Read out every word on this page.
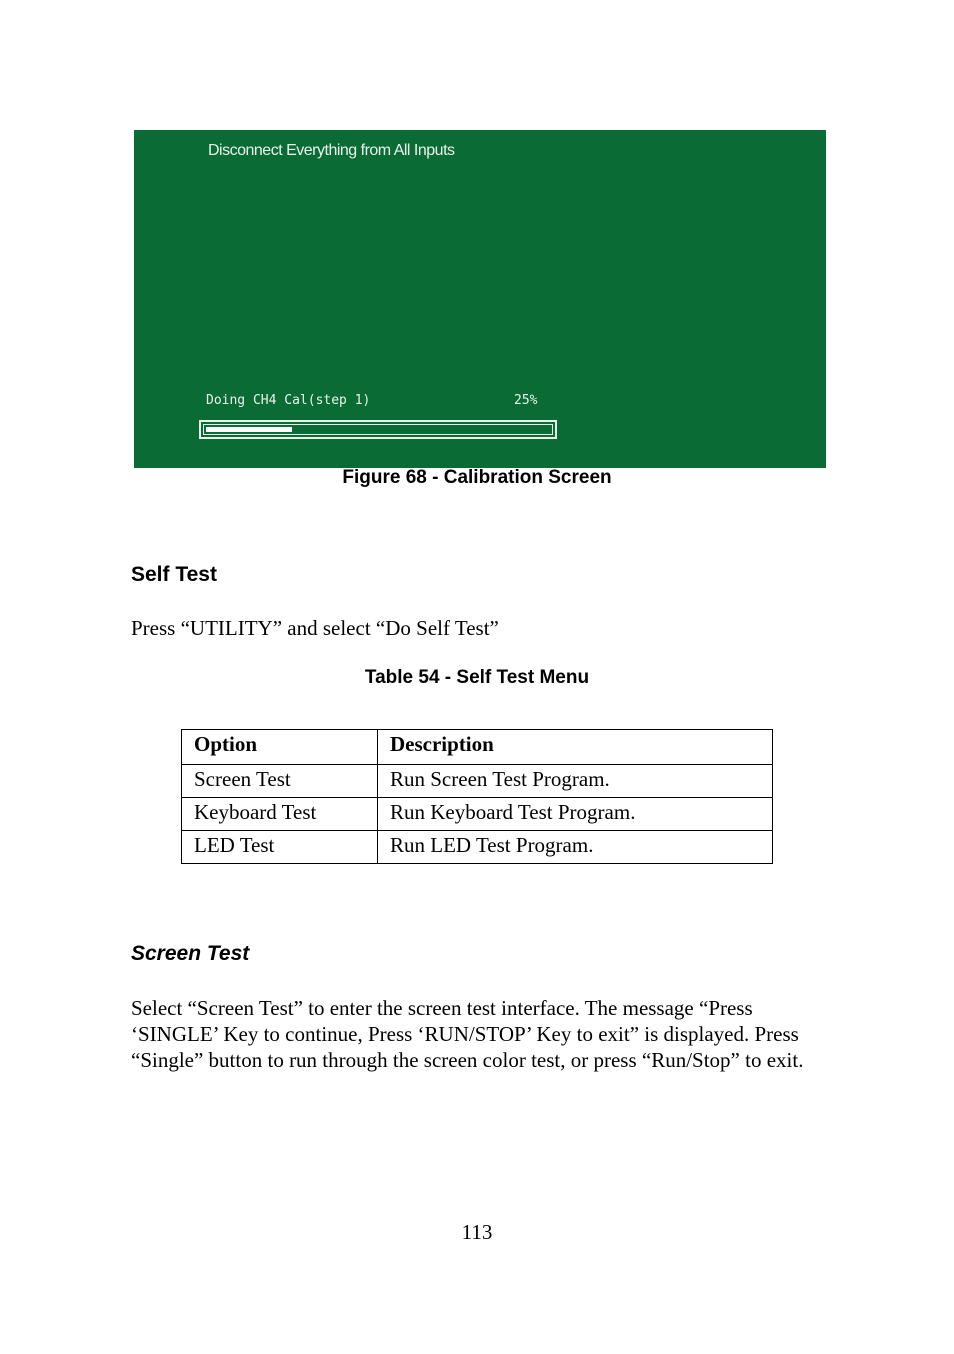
Disconnect Everything from All Inputs
Doing CH4 Cal(step 1)	25%
Figure 68 - Calibration Screen
Self Test
Press “UTILITY” and select “Do Self Test”
Table 54 - Self Test Menu
Option	Description
Screen Test	Run Screen Test Program.
Keyboard Test	Run Keyboard Test Program.
LED Test	Run LED Test Program.
Screen Test
Select “Screen Test” to enter the screen test interface. The message “Press ‘SINGLE’ Key to continue, Press ‘RUN/STOP’ Key to exit” is displayed. Press “Single” button to run through the screen color test, or press “Run/Stop” to exit.
113
